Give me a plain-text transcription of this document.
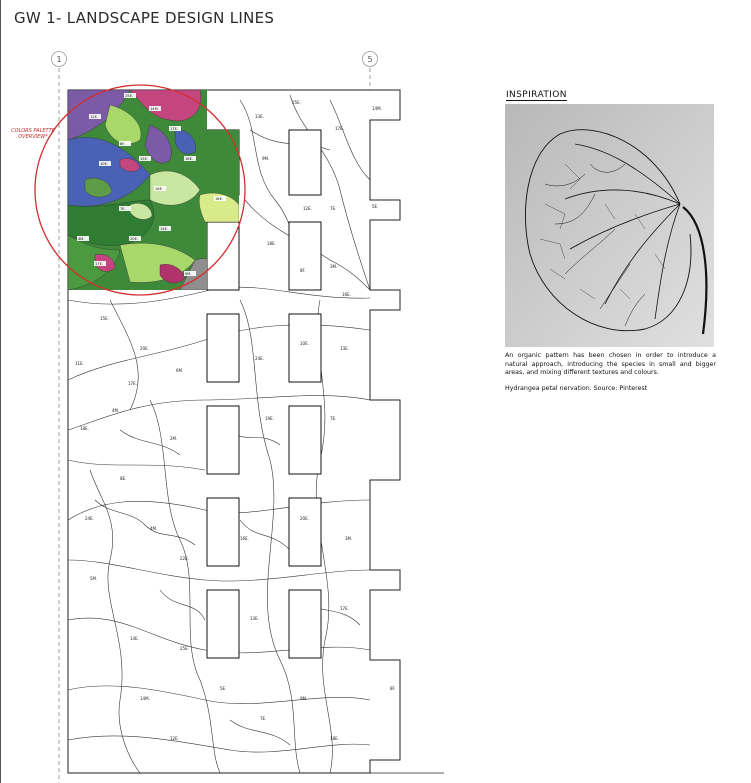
GW 1- LANDSCAPE DESIGN LINES
1	5
25E.
13E.
17E.
14M.
5E.
9M.
12E.	7E.
18E.
8F.
3M.
16E.
15E.
20E.
11E.
17E.
6M.
24E.
10E.
13E.
4M.
18E.
2M.
19E.	7E.
8E.
24E.
4M.
22E.
16E.
20E.
3M.
5M.
14E.
25E.
13E.
17E.
14M.
5E.
9M.
12E.
7E.
18E.
8F.
25E.
14M.
12E.
8F.
15E.
17E.
10E.
18E.
7E.
4M.	20E.
14E.
17E.
9M.
18E.
16E.
COLORS PALETTE OVERVIEW*
INSPIRATION
An organic pattern has been chosen in order to introduce a natural approach, introducing the species in small and bigger areas, and mixing different textures and colours.
Hydrangea petal nervation. Source: Pinterest
